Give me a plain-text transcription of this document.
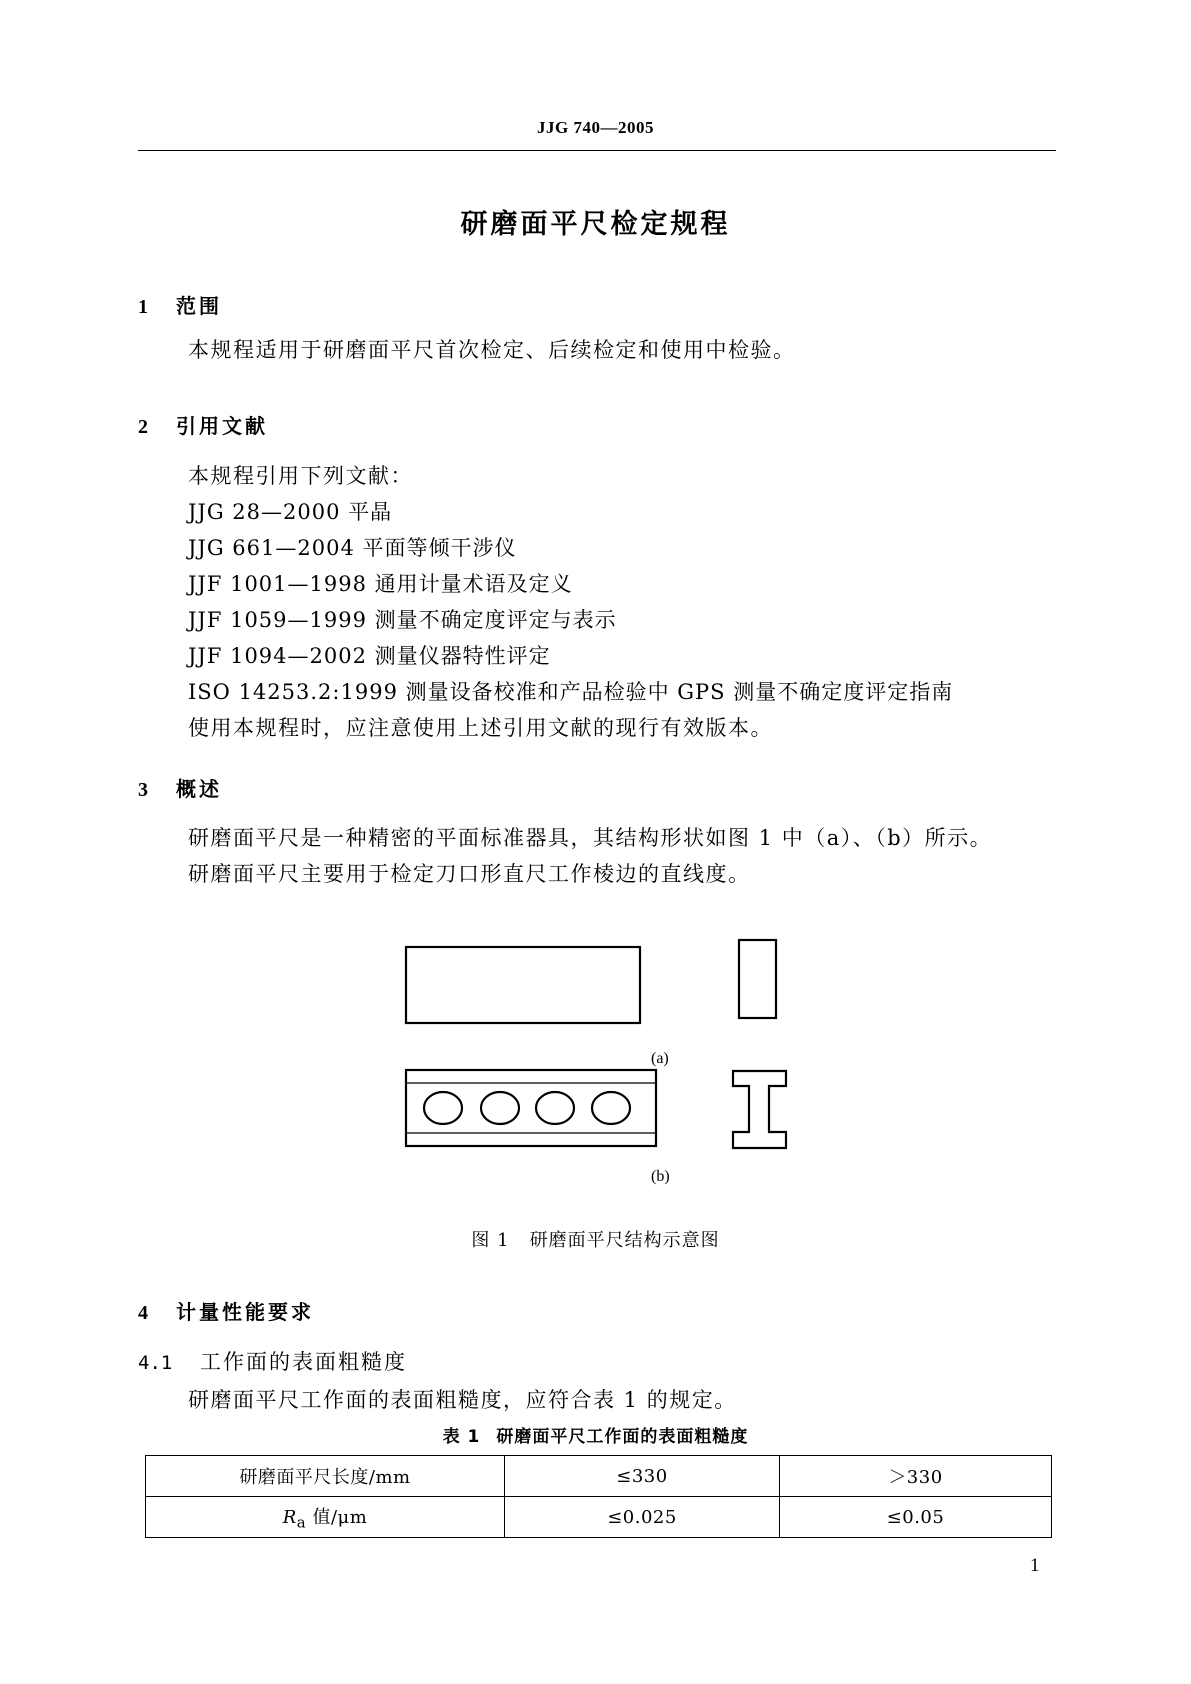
JJG 740—2005
研磨面平尺检定规程
1 范围
本规程适用于研磨面平尺首次检定、后续检定和使用中检验。
2 引用文献
本规程引用下列文献：
JJG 28—2000 平晶
JJG 661—2004 平面等倾干涉仪
JJF 1001—1998 通用计量术语及定义
JJF 1059—1999 测量不确定度评定与表示
JJF 1094—2002 测量仪器特性评定
ISO 14253.2:1999 测量设备校准和产品检验中 GPS 测量不确定度评定指南
使用本规程时，应注意使用上述引用文献的现行有效版本。
3 概述
研磨面平尺是一种精密的平面标准器具，其结构形状如图 1 中（a）、（b）所示。
研磨面平尺主要用于检定刀口形直尺工作棱边的直线度。
(a)
(b)
图 1 研磨面平尺结构示意图
4 计量性能要求
4.1 工作面的表面粗糙度
研磨面平尺工作面的表面粗糙度，应符合表 1 的规定。
表 1 研磨面平尺工作面的表面粗糙度
研磨面平尺长度/mm	≤330	＞330
$R_a$ 值/μm	≤0.025	≤0.05
1
